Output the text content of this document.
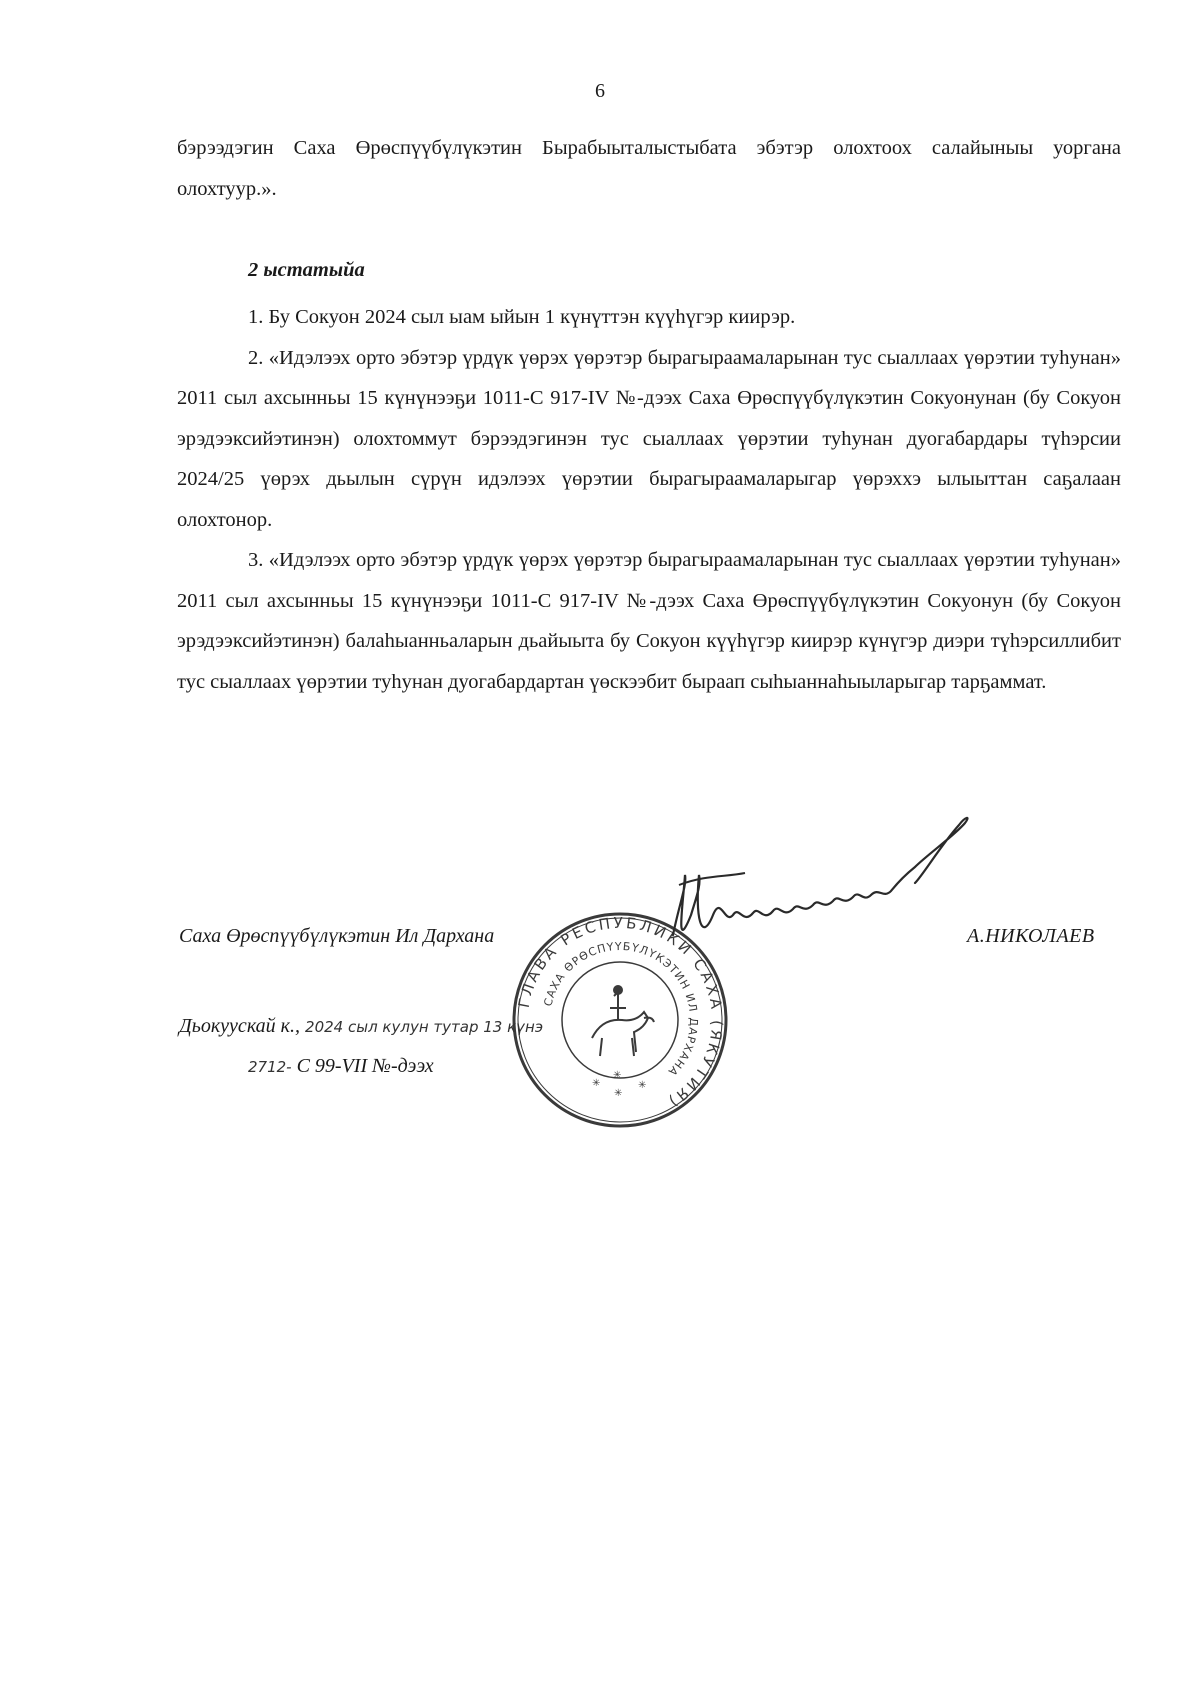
6
бэрээдэгин Саха Өрөспүүбүлүкэтин Бырабыыталыстыбата эбэтэр олохтоох салайыныы уоргана олохтуур.».
2 ыстатыйа

1. Бу Сокуон 2024 сыл ыам ыйын 1 күнүттэн күүһүгэр киирэр.

2. «Идэлээх орто эбэтэр үрдүк үөрэх үөрэтэр бырагыраамаларынан тус сыаллаах үөрэтии туһунан» 2011 сыл ахсынньы 15 күнүнээҕи 1011-С 917-IV №-дээх Саха Өрөспүүбүлүкэтин Сокуонунан (бу Сокуон эрэдээксийэтинэн) олохтоммут бэрээдэгинэн тус сыаллаах үөрэтии туһунан дуогабардары түһэрсии 2024/25 үөрэх дьылын сүрүн идэлээх үөрэтии бырагыраамаларыгар үөрэххэ ылыыттан саҕалаан олохтонор.

3. «Идэлээх орто эбэтэр үрдүк үөрэх үөрэтэр бырагыраамаларынан тус сыаллаах үөрэтии туһунан» 2011 сыл ахсынньы 15 күнүнээҕи 1011-С 917-IV №-дээх Саха Өрөспүүбүлүкэтин Сокуонун (бу Сокуон эрэдээксийэтинэн) балаһыанньаларын дьайыыта бу Сокуон күүһүгэр киирэр күнүгэр диэри түһэрсиллибит тус сыаллаах үөрэтии туһунан дуогабардартан үөскээбит быраап сыһыаннаһыыларыгар тарҕаммат.

ГЛАВА РЕСПУБЛИКИ САХА (ЯКУТИЯ)
САХА ӨРӨСПҮҮБҮЛҮКЭТИН ИЛ ДАРХАНА
✳
✳
✳
✳
Саха Өрөспүүбүлүкэтин Ил Дархана	А.НИКОЛАЕВ
Дьокуускай к., 2024 сыл кулун тутар 13 күнэ
2712- С 99-VII №-дээх
